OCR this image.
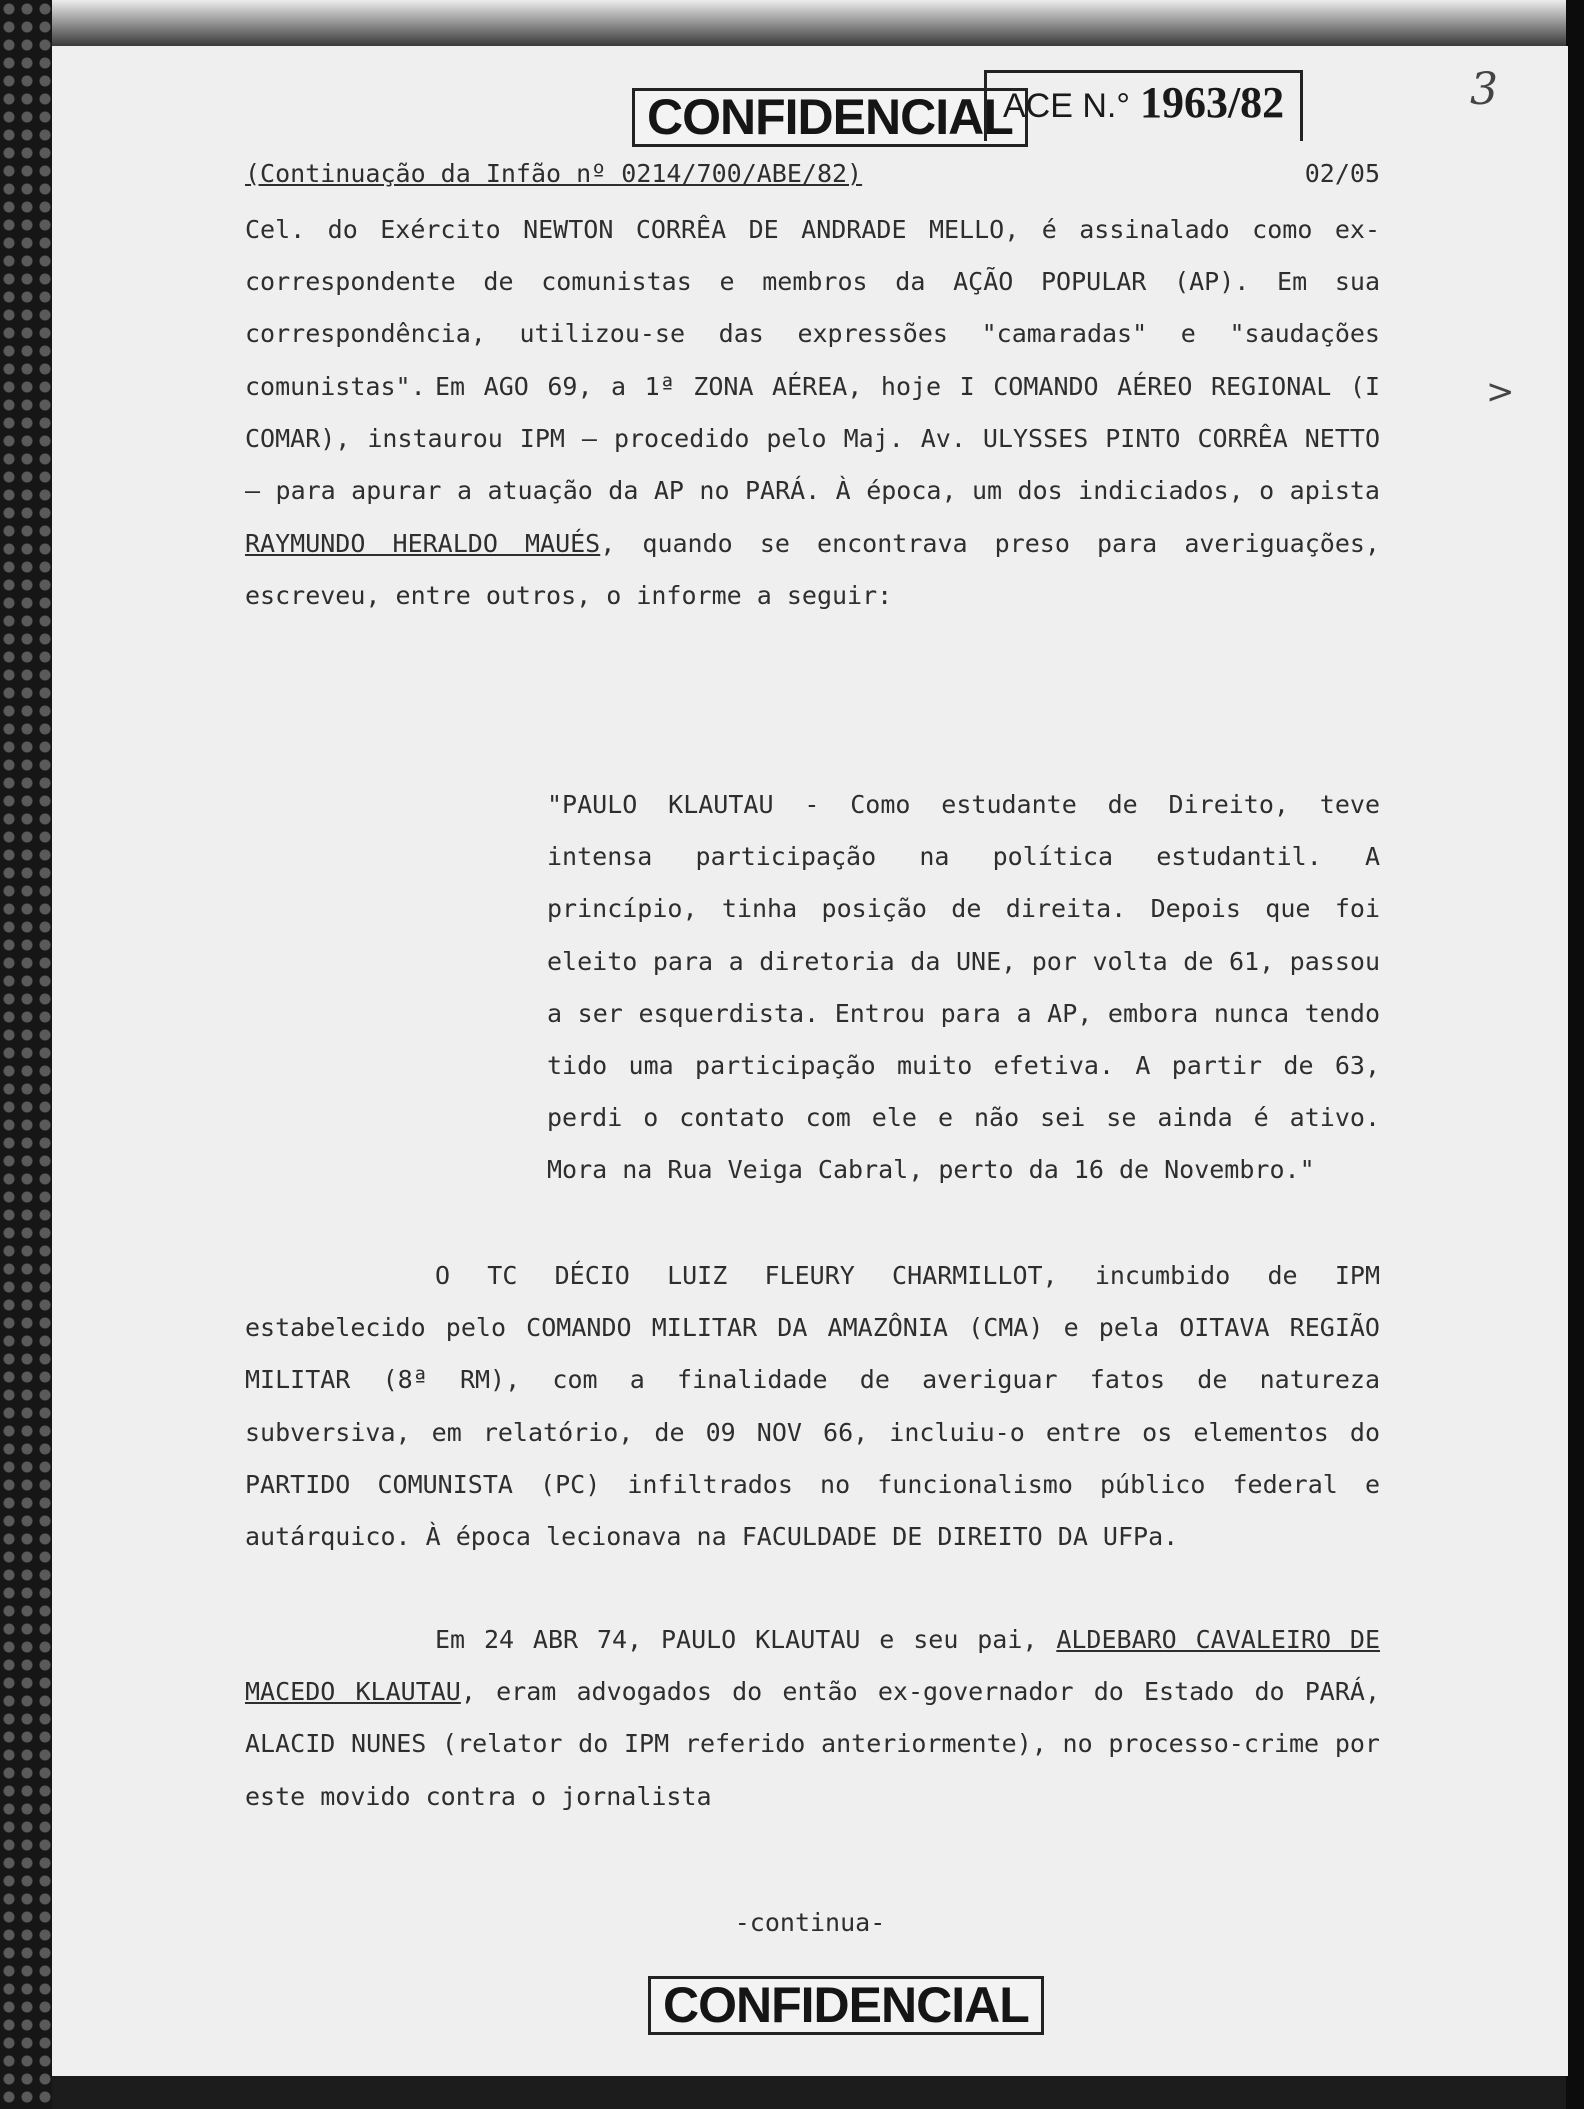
CONFIDENCIAL
ACE N.° 1963/82	3
>
(Continuação da Infão nº 0214/700/ABE/82)	02/05

Cel. do Exército NEWTON CORRÊA DE ANDRADE MELLO, é assinalado como ex-correspondente de comunistas e membros da AÇÃO POPULAR (AP). Em sua correspondência, utilizou-se das expressões "camaradas" e "saudações comunistas". Em AGO 69, a 1ª ZONA AÉREA, hoje I COMANDO AÉREO REGIONAL (I COMAR), instaurou IPM — procedido pelo Maj. Av. ULYSSES PINTO CORRÊA NETTO — para apurar a atuação da AP no PARÁ. À época, um dos indiciados, o apista RAYMUNDO HERALDO MAUÉS, quando se encontrava preso para averiguações, escreveu, entre outros, o informe a seguir:

"PAULO KLAUTAU - Como estudante de Direito, teve intensa participação na política estudantil. A princípio, tinha posição de direita. Depois que foi eleito para a diretoria da UNE, por volta de 61, passou a ser esquerdista. Entrou para a AP, embora nunca tendo tido uma participação muito efetiva. A partir de 63, perdi o contato com ele e não sei se ainda é ativo. Mora na Rua Veiga Cabral, perto da 16 de Novembro."

O TC DÉCIO LUIZ FLEURY CHARMILLOT, incumbido de IPM estabelecido pelo COMANDO MILITAR DA AMAZÔNIA (CMA) e pela OITAVA REGIÃO MILITAR (8ª RM), com a finalidade de averiguar fatos de natureza subversiva, em relatório, de 09 NOV 66, incluiu-o entre os elementos do PARTIDO COMUNISTA (PC) infiltrados no funcionalismo público federal e autárquico. À época lecionava na FACULDADE DE DIREITO DA UFPa.

Em 24 ABR 74, PAULO KLAUTAU e seu pai, ALDEBARO CAVALEIRO DE MACEDO KLAUTAU, eram advogados do então ex-governador do Estado do PARÁ, ALACID NUNES (relator do IPM referido anteriormente), no processo-crime por este movido contra o jornalista

-continua-
CONFIDENCIAL
